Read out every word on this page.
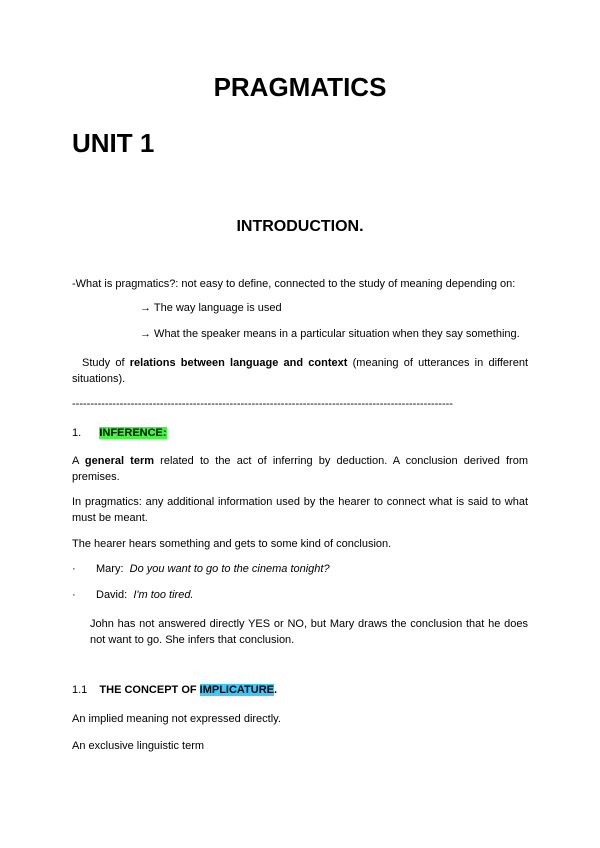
PRAGMATICS
UNIT 1
INTRODUCTION.
-What is pragmatics?: not easy to define, connected to the study of meaning depending on:
→ The way language is used
→ What the speaker means in a particular situation when they say something.
Study of relations between language and context (meaning of utterances in different situations).
--------------------------------------------------------------------------------------------------------
1. INFERENCE:
A general term related to the act of inferring by deduction. A conclusion derived from premises.
In pragmatics: any additional information used by the hearer to connect what is said to what must be meant.
The hearer hears something and gets to some kind of conclusion.
· Mary: Do you want to go to the cinema tonight?
· David: I'm too tired.
John has not answered directly YES or NO, but Mary draws the conclusion that he does not want to go. She infers that conclusion.
1.1 THE CONCEPT OF IMPLICATURE.
An implied meaning not expressed directly.
An exclusive linguistic term
